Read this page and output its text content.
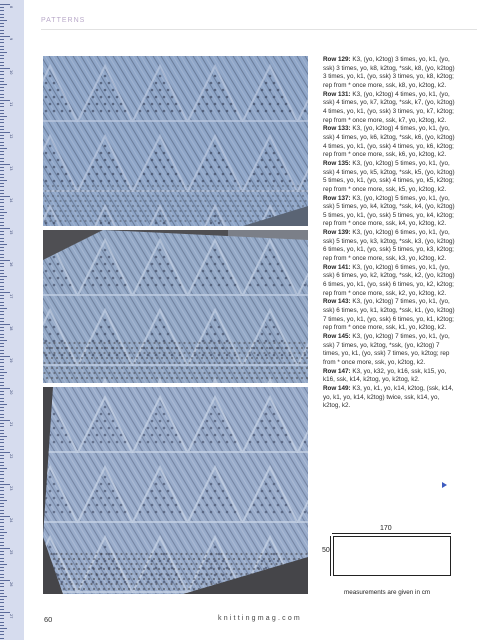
8
9
10
11
12
13
14
15
16
17
18
19
20
21
22
23
24
25
26
27
PATTERNS

Row 129: K3, (yo, k2tog) 3 times, yo, k1, (yo, ssk) 3 times, yo, k8, k2tog, *ssk, k8, (yo, k2tog) 3 times, yo, k1, (yo, ssk) 3 times, yo, k8, k2tog; rep from * once more, ssk, k8, yo, k2tog, k2.

Row 131: K3, (yo, k2tog) 4 times, yo, k1, (yo, ssk) 4 times, yo, k7, k2tog, *ssk, k7, (yo, k2tog) 4 times, yo, k1, (yo, ssk) 3 times, yo, k7, k2tog; rep from * once more, ssk, k7, yo, k2tog, k2.

Row 133: K3, (yo, k2tog) 4 times, yo, k1, (yo, ssk) 4 times, yo, k6, k2tog, *ssk, k6, (yo, k2tog) 4 times, yo, k1, (yo, ssk) 4 times, yo, k6, k2tog; rep from * once more, ssk, k6, yo, k2tog, k2.

Row 135: K3, (yo, k2tog) 5 times, yo, k1, (yo, ssk) 4 times, yo, k5, k2tog, *ssk, k5, (yo, k2tog) 5 times, yo, k1, (yo, ssk) 4 times, yo, k5, k2tog; rep from * once more, ssk, k5, yo, k2tog, k2.

Row 137: K3, (yo, k2tog) 5 times, yo, k1, (yo, ssk) 5 times, yo, k4, k2tog, *ssk, k4, (yo, k2tog) 5 times, yo, k1, (yo, ssk) 5 times, yo, k4, k2tog; rep from * once more, ssk, k4, yo, k2tog, k2.

Row 139: K3, (yo, k2tog) 6 times, yo, k1, (yo, ssk) 5 times, yo, k3, k2tog, *ssk, k3, (yo, k2tog) 6 times, yo, k1, (yo, ssk) 5 times, yo, k3, k2tog; rep from * once more, ssk, k3, yo, k2tog, k2.

Row 141: K3, (yo, k2tog) 6 times, yo, k1, (yo, ssk) 6 times, yo, k2, k2tog, *ssk, k2, (yo, k2tog) 6 times, yo, k1, (yo, ssk) 6 times, yo, k2, k2tog; rep from * once more, ssk, k2, yo, k2tog, k2.

Row 143: K3, (yo, k2tog) 7 times, yo, k1, (yo, ssk) 6 times, yo, k1, k2tog, *ssk, k1, (yo, k2tog) 7 times, yo, k1, (yo, ssk) 6 times, yo, k1, k2tog; rep from * once more, ssk, k1, yo, k2tog, k2.

Row 145: K3, (yo, k2tog) 7 times, yo, k1, (yo, ssk) 7 times, yo, k2tog, *ssk, (yo, k2tog) 7 times, yo, k1, (yo, ssk) 7 times, yo, k2tog; rep from * once more, ssk, yo, k2tog, k2.

Row 147: K3, yo, k32, yo, k16, ssk, k15, yo, k16, ssk, k14, k2tog, yo, k2tog, k2.

Row 149: K3, yo, k1, yo, k14, k2tog, (ssk, k14, yo, k1, yo, k14, k2tog) twice, ssk, k14, yo, k2tog, k2.

170
50
measurements are given in cm
60	knittingmag.com
